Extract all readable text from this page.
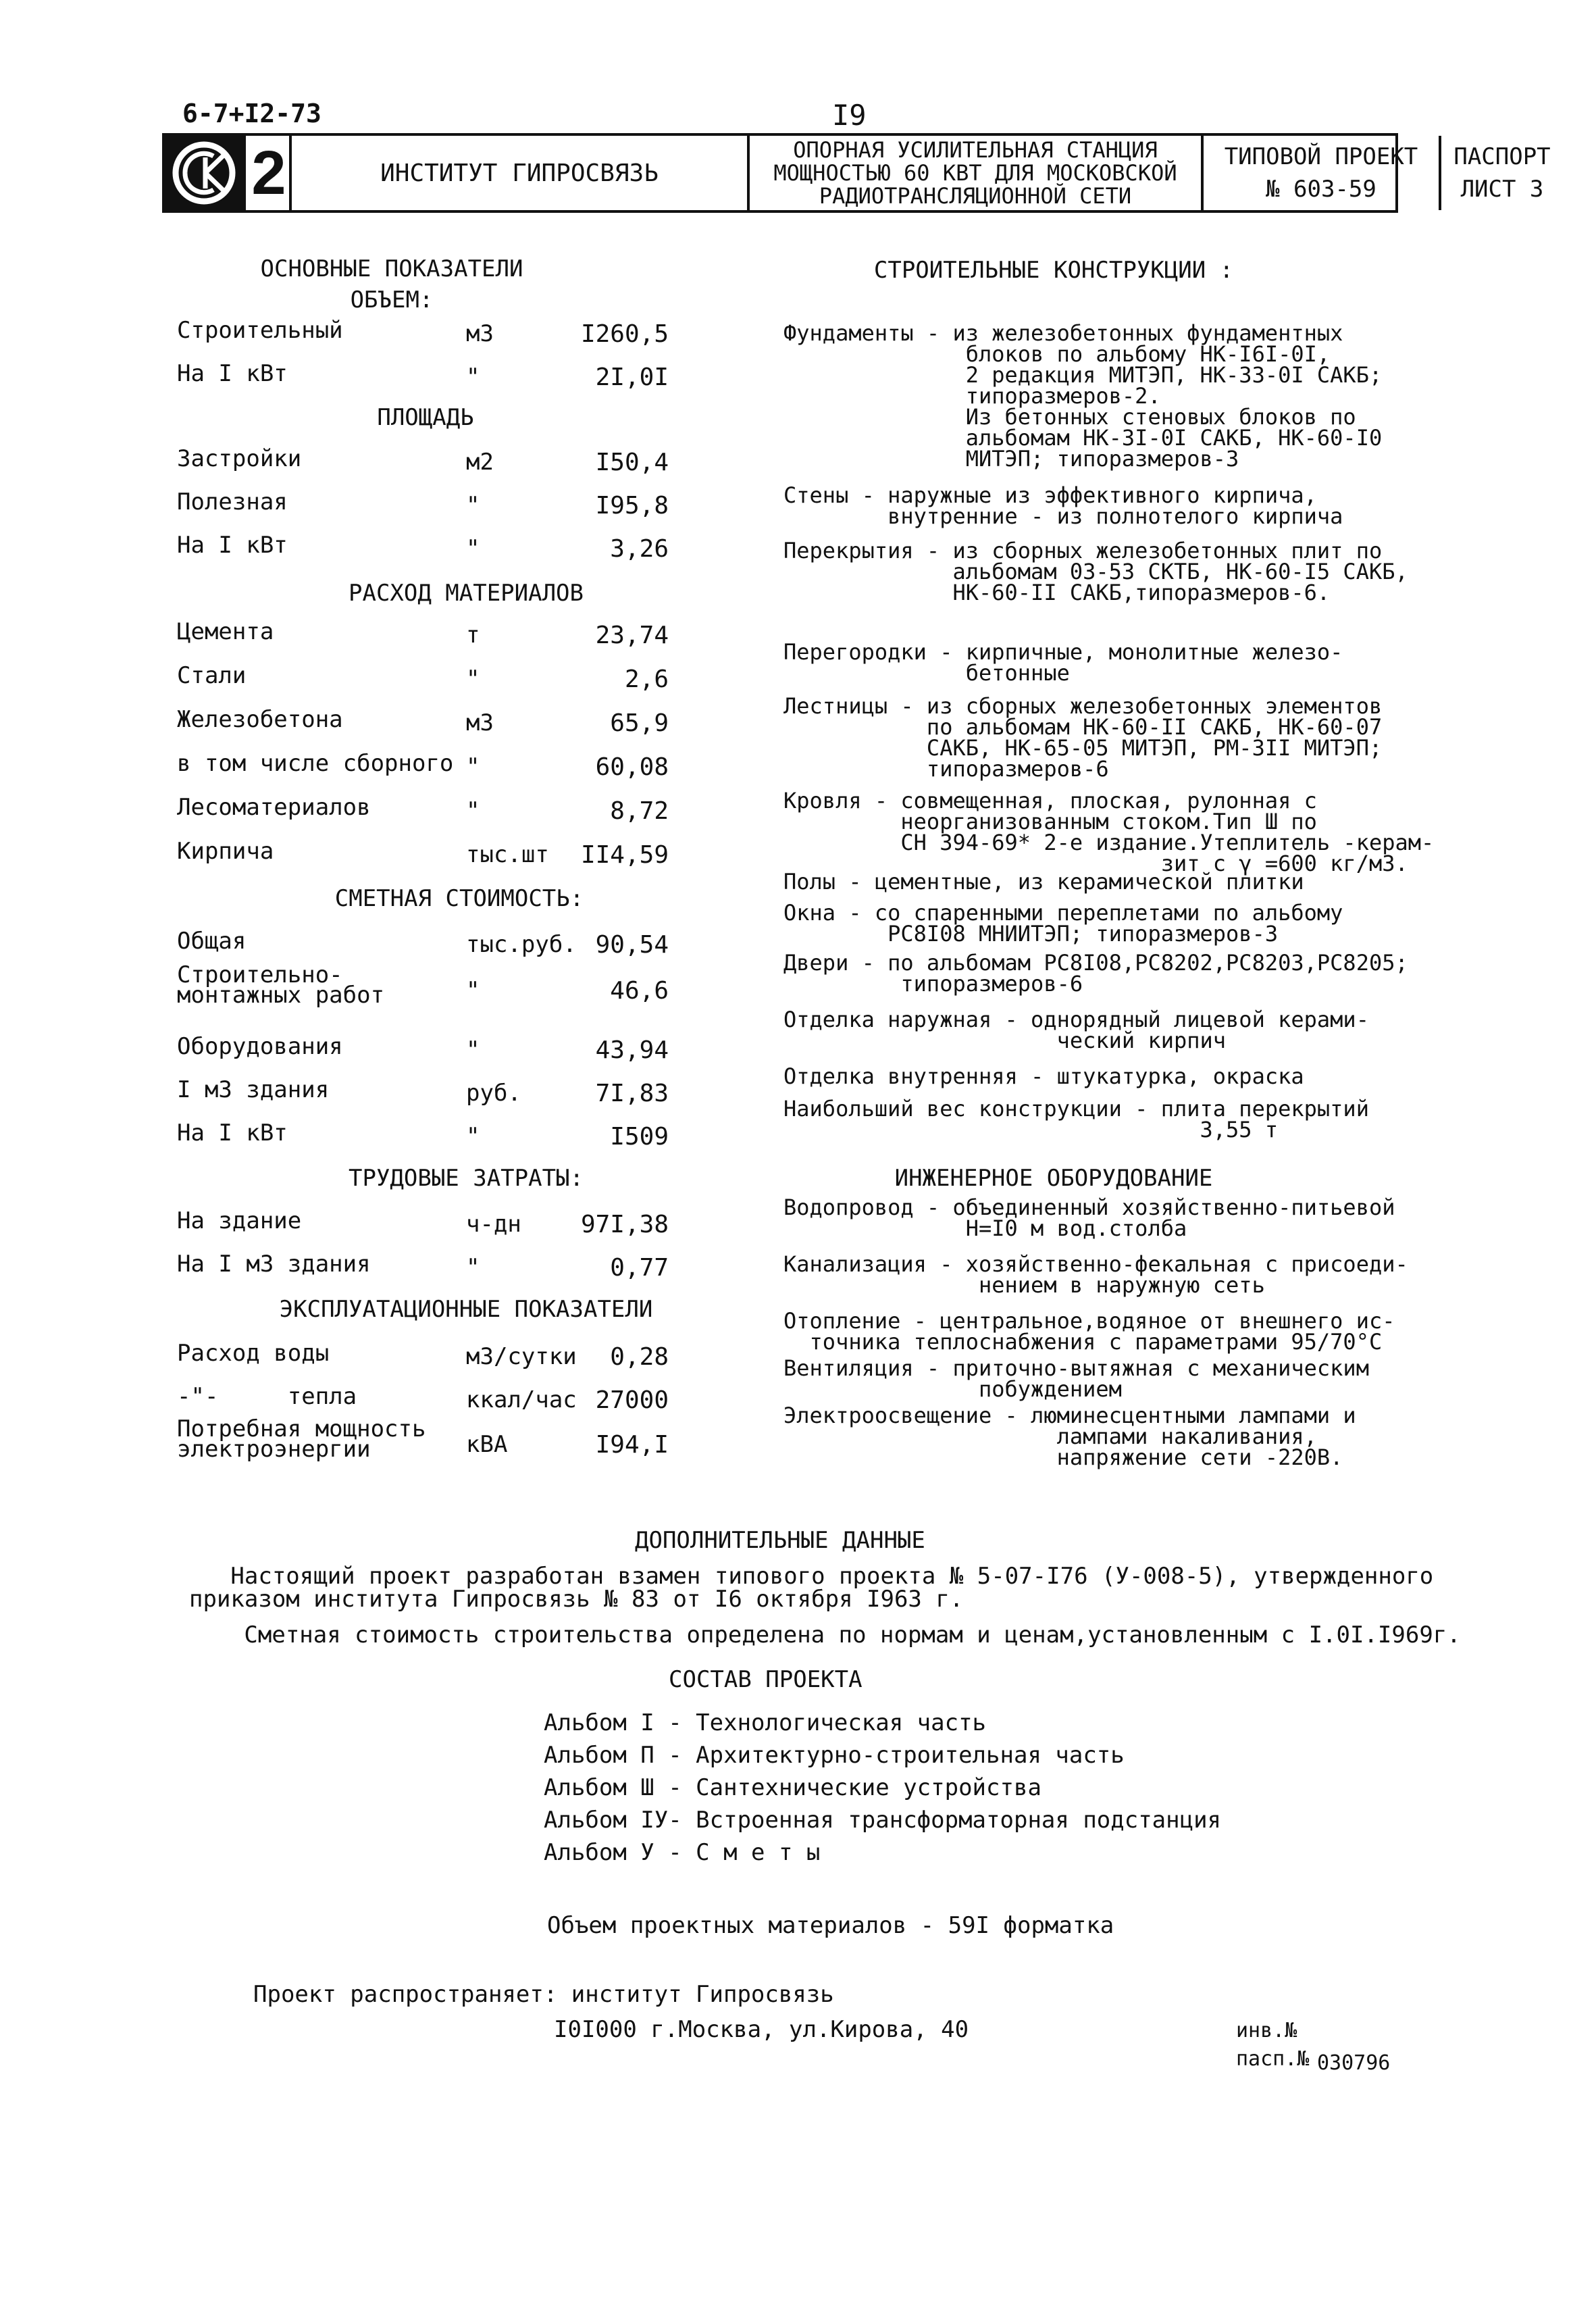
6-7+I2-73	I9
2	ИНСТИТУТ ГИПРОСВЯЗЬ
ОПОРНАЯ УСИЛИТЕЛЬНАЯ СТАНЦИЯ
МОЩНОСТЬЮ 60 КВТ ДЛЯ МОСКОВСКОЙ
РАДИОТРАНСЛЯЦИОННОЙ СЕТИ
ТИПОВОЙ ПРОЕКТ
№ 603-59
ПАСПОРТ
ЛИСТ 3
ОСНОВНЫЕ ПОКАЗАТЕЛИ
ОБЪЕМ:
Строительный	м3	I260,5
На I кВт	"	2I,0I
ПЛОЩАДЬ
Застройки	м2	I50,4
Полезная	"	I95,8
На I кВт	"	3,26
РАСХОД МАТЕРИАЛОВ
Цемента	т	23,74
Стали	"	2,6
Железобетона	м3	65,9
в том числе сборного "	60,08
Лесоматериалов	"	8,72
Кирпича	тыс.шт II4,59
СМЕТНАЯ СТОИМОСТЬ:
Общая	тыс.руб. 90,54
Строительно-
монтажных работ	"	46,6
Оборудования	"	43,94
I м3 здания	руб.	7I,83
На I кВт	"	I509
ТРУДОВЫЕ ЗАТРАТЫ:
На здание	ч-дн 97I,38
На I м3 здания	"	0,77
ЭКСПЛУАТАЦИОННЫЕ ПОКАЗАТЕЛИ
Расход воды	м3/сутки	0,28
-"-     тепла	ккал/час 27000
Потребная мощность
электроэнергии	кВА	I94,I
СТРОИТЕЛЬНЫЕ КОНСТРУКЦИИ :
Фундаменты - из железобетонных фундаментных
блоков по альбому НК-I6I-0I,
2 редакция МИТЭП, НК-33-0I САКБ;
типоразмеров-2.
Из бетонных стеновых блоков по
альбомам НК-3I-0I САКБ, НК-60-I0
МИТЭП; типоразмеров-3
Стены - наружные из эффективного кирпича,
внутренние - из полнотелого кирпича
Перекрытия - из сборных железобетонных плит по
альбомам 03-53 СКТБ, НК-60-I5 САКБ,
НК-60-II САКБ,типоразмеров-6.
Перегородки - кирпичные, монолитные железо-
бетонные
Лестницы - из сборных железобетонных элементов
по альбомам НК-60-II САКБ, НК-60-07
САКБ, НК-65-05 МИТЭП, РМ-3II МИТЭП;
типоразмеров-6
Кровля - совмещенная, плоская, рулонная с
неорганизованным стоком.Тип Ш по
СН 394-69* 2-е издание.Утеплитель -керам-
зит с γ =600 кг/м3.
Полы - цементные, из керамической плитки
Окна - со спаренными переплетами по альбому
РС8I08 МНИИТЭП; типоразмеров-3
Двери - по альбомам РС8I08,РС8202,РС8203,РС8205;
типоразмеров-6
Отделка наружная - однорядный лицевой керами-
ческий кирпич
Отделка внутренняя - штукатурка, окраска
Наибольший вес конструкции - плита перекрытий
3,55 т
ИНЖЕНЕРНОЕ ОБОРУДОВАНИЕ
Водопровод - объединенный хозяйственно-питьевой
Н=I0 м вод.столба
Канализация - хозяйственно-фекальная с присоеди-
нением в наружную сеть
Отопление - центральное,водяное от внешнего ис-
точника теплоснабжения с параметрами 95/70°С
Вентиляция - приточно-вытяжная с механическим
побуждением
Электроосвещение - люминесцентными лампами и
лампами накаливания,
напряжение сети -220В.
ДОПОЛНИТЕЛЬНЫЕ ДАННЫЕ
Настоящий проект разработан взамен типового проекта № 5-07-I76 (У-008-5), утвержденного
приказом института Гипросвязь № 83 от I6 октября I963 г.
Сметная стоимость строительства определена по нормам и ценам,установленным с I.0I.I969г.
СОСТАВ ПРОЕКТА
Альбом I - Технологическая часть
Альбом П - Архитектурно-строительная часть
Альбом Ш - Сантехнические устройства
Альбом IУ- Встроенная трансформаторная подстанция
Альбом У - С м е т ы
Объем проектных материалов - 59I форматка
Проект распространяет: институт Гипросвязь
I0I000 г.Москва, ул.Кирова, 40	инв.№
пасп.№ 030796
